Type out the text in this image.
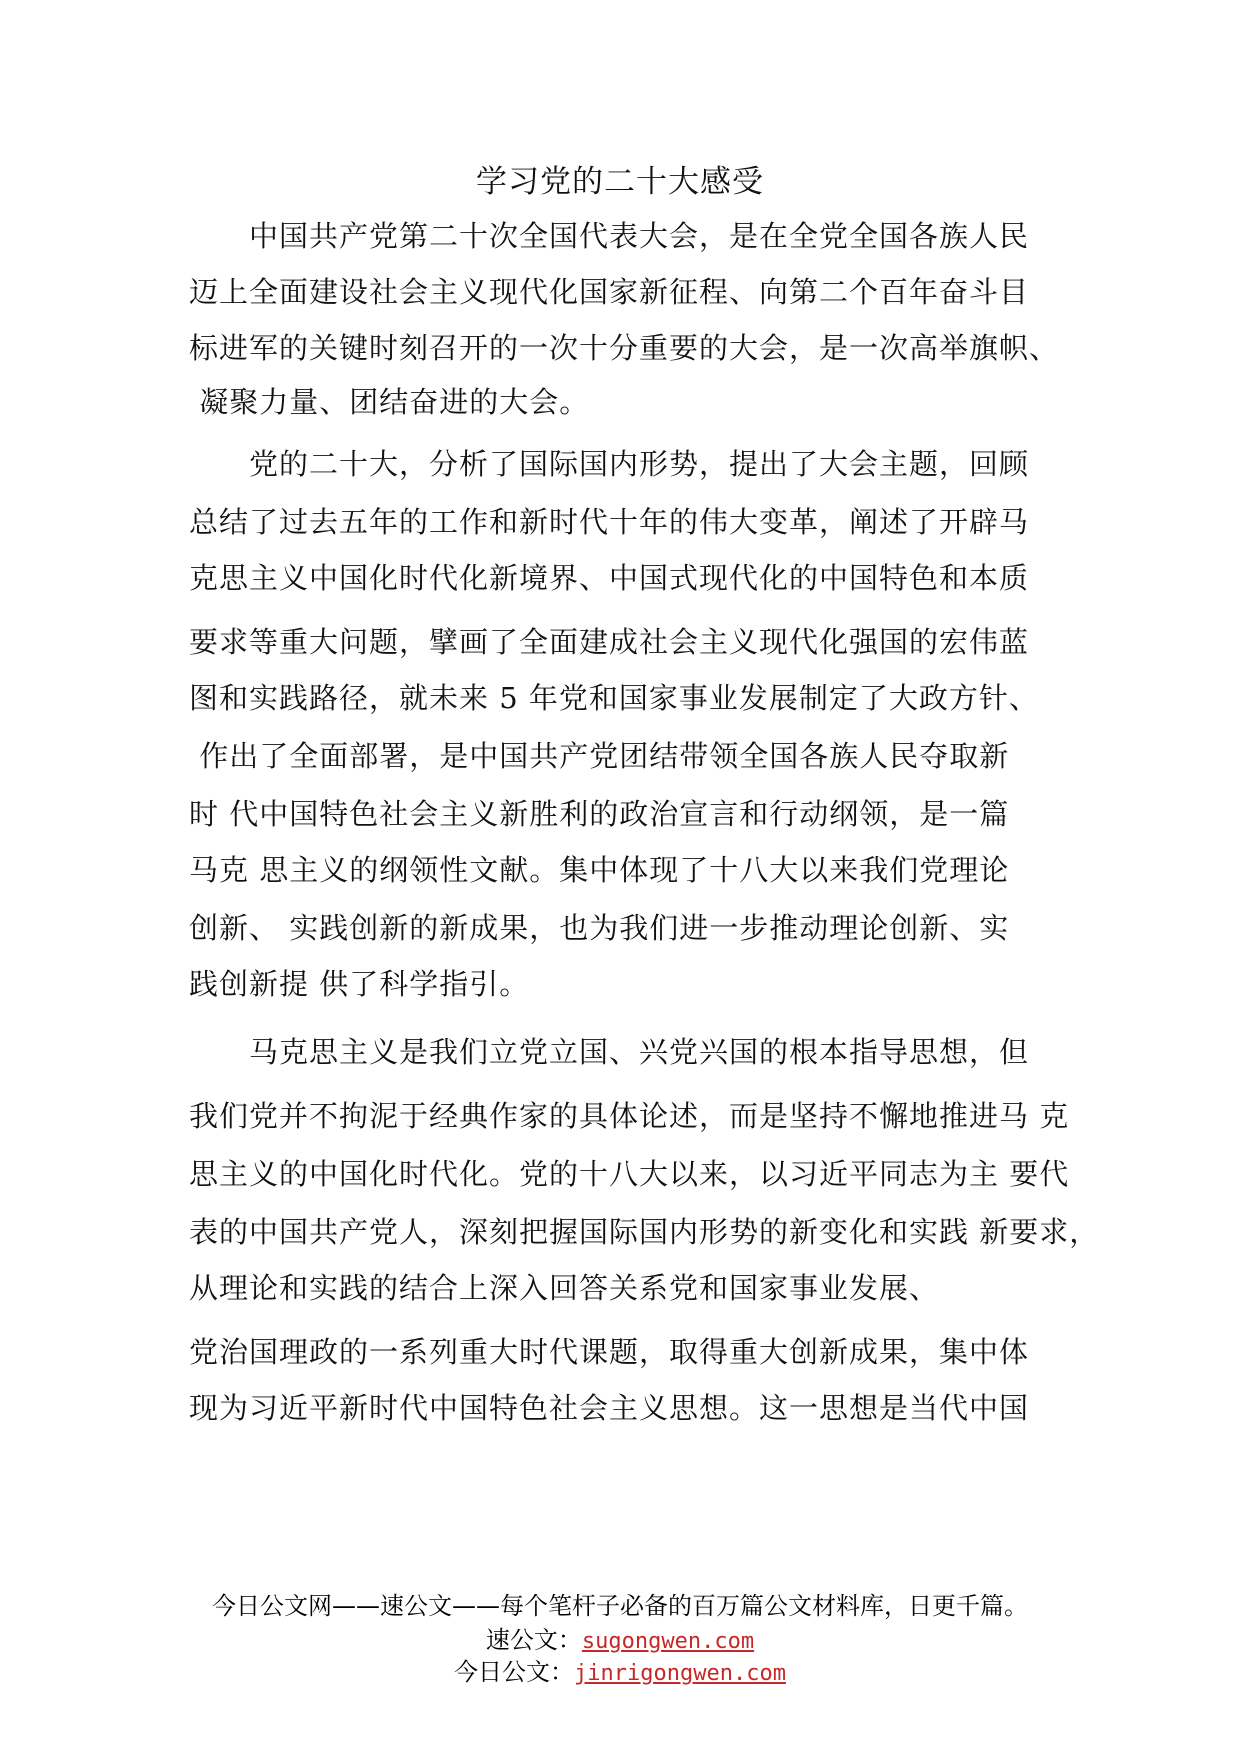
学习党的二十大感受
　　中国共产党第二十次全国代表大会，是在全党全国各族人民
迈上全面建设社会主义现代化国家新征程、向第二个百年奋斗目
标进军的关键时刻召开的一次十分重要的大会，是一次高举旗帜、
凝聚力量、团结奋进的大会。
　　党的二十大，分析了国际国内形势，提出了大会主题，回顾
总结了过去五年的工作和新时代十年的伟大变革，阐述了开辟马
克思主义中国化时代化新境界、中国式现代化的中国特色和本质
要求等重大问题，擘画了全面建成社会主义现代化强国的宏伟蓝
图和实践路径，就未来 5 年党和国家事业发展制定了大政方针、
作出了全面部署，是中国共产党团结带领全国各族人民夺取新
时 代中国特色社会主义新胜利的政治宣言和行动纲领，是一篇
马克 思主义的纲领性文献。集中体现了十八大以来我们党理论
创新、 实践创新的新成果，也为我们进一步推动理论创新、实
践创新提 供了科学指引。
　　马克思主义是我们立党立国、兴党兴国的根本指导思想，但
我们党并不拘泥于经典作家的具体论述，而是坚持不懈地推进马 克
思主义的中国化时代化。党的十八大以来，以习近平同志为主 要代
表的中国共产党人，深刻把握国际国内形势的新变化和实践 新要求，
从理论和实践的结合上深入回答关系党和国家事业发展、
党治国理政的一系列重大时代课题，取得重大创新成果，集中体
现为习近平新时代中国特色社会主义思想。这一思想是当代中国
今日公文网——速公文——每个笔杆子必备的百万篇公文材料库，日更千篇。
速公文：sugongwen.com
今日公文：jinrigongwen.com
